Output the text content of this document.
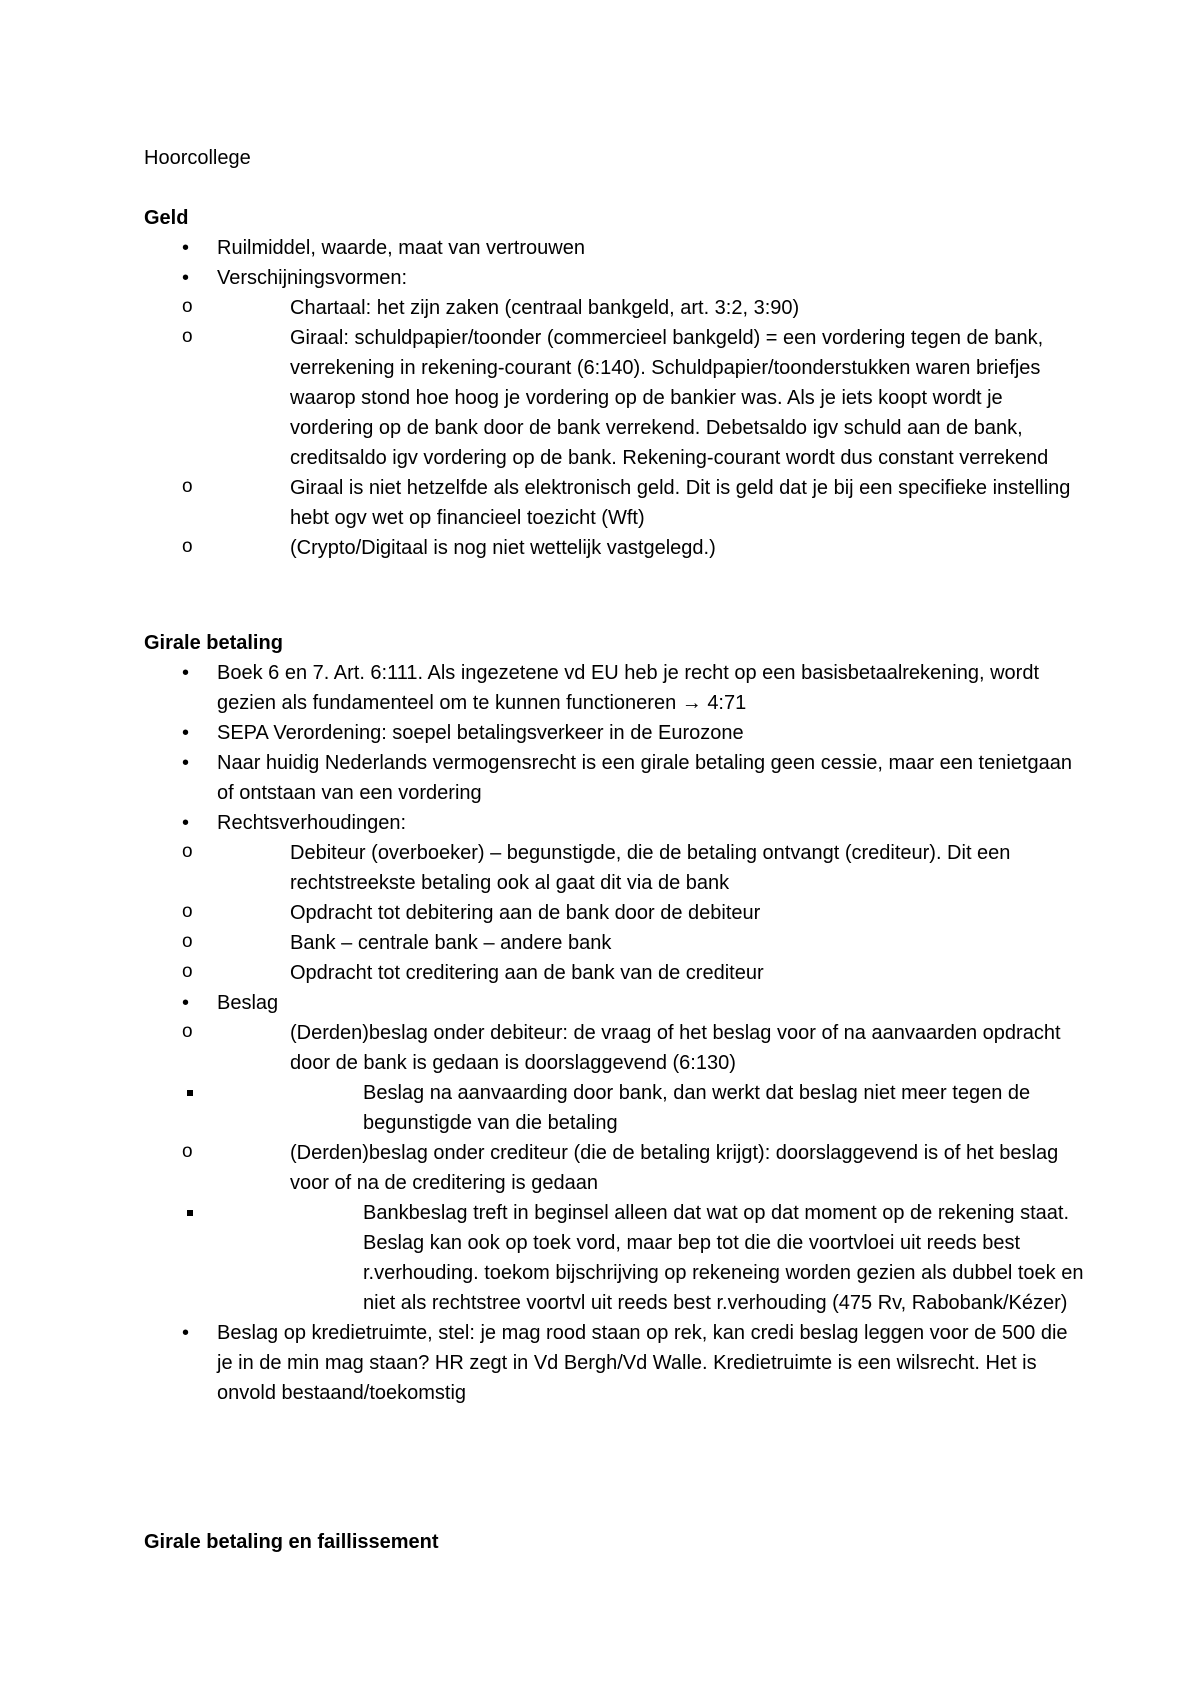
Hoorcollege
Geld
• Ruilmiddel, waarde, maat van vertrouwen
• Verschijningsvormen:
o Chartaal: het zijn zaken (centraal bankgeld, art. 3:2, 3:90)
o Giraal: schuldpapier/toonder (commercieel bankgeld) = een vordering tegen de bank, verrekening in rekening-courant (6:140). Schuldpapier/toonderstukken waren briefjes waarop stond hoe hoog je vordering op de bankier was. Als je iets koopt wordt je vordering op de bank door de bank verrekend. Debetsaldo igv schuld aan de bank, creditsaldo igv vordering op de bank. Rekening-courant wordt dus constant verrekend
o Giraal is niet hetzelfde als elektronisch geld. Dit is geld dat je bij een specifieke instelling hebt ogv wet op financieel toezicht (Wft)
o (Crypto/Digitaal is nog niet wettelijk vastgelegd.)
Girale betaling
• Boek 6 en 7. Art. 6:111. Als ingezetene vd EU heb je recht op een basisbetaalrekening, wordt gezien als fundamenteel om te kunnen functioneren → 4:71
• SEPA Verordening: soepel betalingsverkeer in de Eurozone
• Naar huidig Nederlands vermogensrecht is een girale betaling geen cessie, maar een tenietgaan of ontstaan van een vordering
• Rechtsverhoudingen:
o Debiteur (overboeker) – begunstigde, die de betaling ontvangt (crediteur). Dit een rechtstreekste betaling ook al gaat dit via de bank
o Opdracht tot debitering aan de bank door de debiteur
o Bank – centrale bank – andere bank
o Opdracht tot creditering aan de bank van de crediteur
• Beslag
o (Derden)beslag onder debiteur: de vraag of het beslag voor of na aanvaarden opdracht door de bank is gedaan is doorslaggevend (6:130)
Beslag na aanvaarding door bank, dan werkt dat beslag niet meer tegen de begunstigde van die betaling
o (Derden)beslag onder crediteur (die de betaling krijgt): doorslaggevend is of het beslag voor of na de creditering is gedaan
Bankbeslag treft in beginsel alleen dat wat op dat moment op de rekening staat. Beslag kan ook op toek vord, maar bep tot die die voortvloei uit reeds best r.verhouding. toekom bijschrijving op rekeneing worden gezien als dubbel toek en niet als rechtstree voortvl uit reeds best r.verhouding (475 Rv, Rabobank/Kézer)
• Beslag op kredietruimte, stel: je mag rood staan op rek, kan credi beslag leggen voor de 500 die je in de min mag staan? HR zegt in Vd Bergh/Vd Walle. Kredietruimte is een wilsrecht. Het is onvold bestaand/toekomstig
Girale betaling en faillissement
